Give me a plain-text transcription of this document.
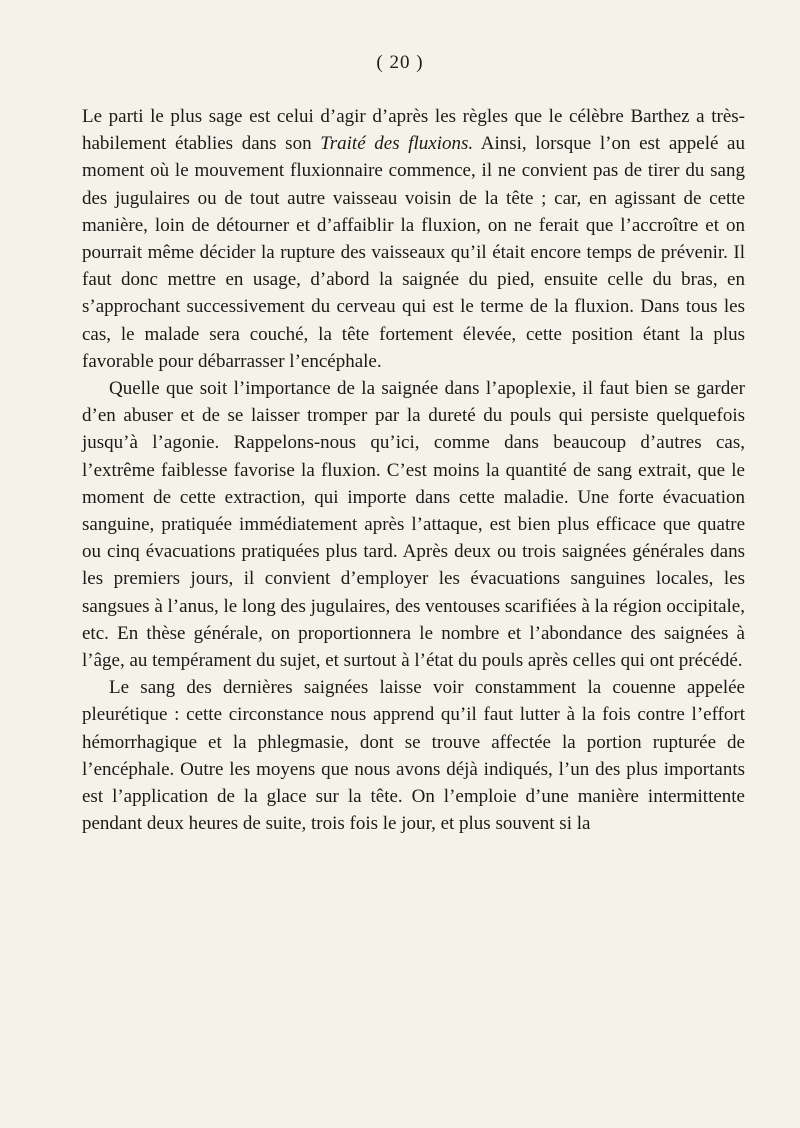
( 20 )

Le parti le plus sage est celui d’agir d’après les règles que le célèbre Barthez a très-habilement établies dans son Traité des fluxions. Ainsi, lorsque l’on est appelé au moment où le mouvement fluxionnaire commence, il ne convient pas de tirer du sang des jugulaires ou de tout autre vaisseau voisin de la tête ; car, en agissant de cette manière, loin de détourner et d’affaiblir la fluxion, on ne ferait que l’accroître et on pourrait même décider la rupture des vaisseaux qu’il était encore temps de prévenir. Il faut donc mettre en usage, d’abord la saignée du pied, ensuite celle du bras, en s’approchant successivement du cerveau qui est le terme de la fluxion. Dans tous les cas, le malade sera couché, la tête fortement élevée, cette position étant la plus favorable pour débarrasser l’encéphale.

Quelle que soit l’importance de la saignée dans l’apoplexie, il faut bien se garder d’en abuser et de se laisser tromper par la dureté du pouls qui persiste quelquefois jusqu’à l’agonie. Rappelons-nous qu’ici, comme dans beaucoup d’autres cas, l’extrême faiblesse favorise la fluxion. C’est moins la quantité de sang extrait, que le moment de cette extraction, qui importe dans cette maladie. Une forte évacuation sanguine, pratiquée immédiatement après l’attaque, est bien plus efficace que quatre ou cinq évacuations pratiquées plus tard. Après deux ou trois saignées générales dans les premiers jours, il convient d’employer les évacuations sanguines locales, les sangsues à l’anus, le long des jugulaires, des ventouses scarifiées à la région occipitale, etc. En thèse générale, on proportionnera le nombre et l’abondance des saignées à l’âge, au tempérament du sujet, et surtout à l’état du pouls après celles qui ont précédé.

Le sang des dernières saignées laisse voir constamment la couenne appelée pleurétique : cette circonstance nous apprend qu’il faut lutter à la fois contre l’effort hémorrhagique et la phlegmasie, dont se trouve affectée la portion rupturée de l’encéphale. Outre les moyens que nous avons déjà indiqués, l’un des plus importants est l’application de la glace sur la tête. On l’emploie d’une manière intermittente pendant deux heures de suite, trois fois le jour, et plus souvent si la
